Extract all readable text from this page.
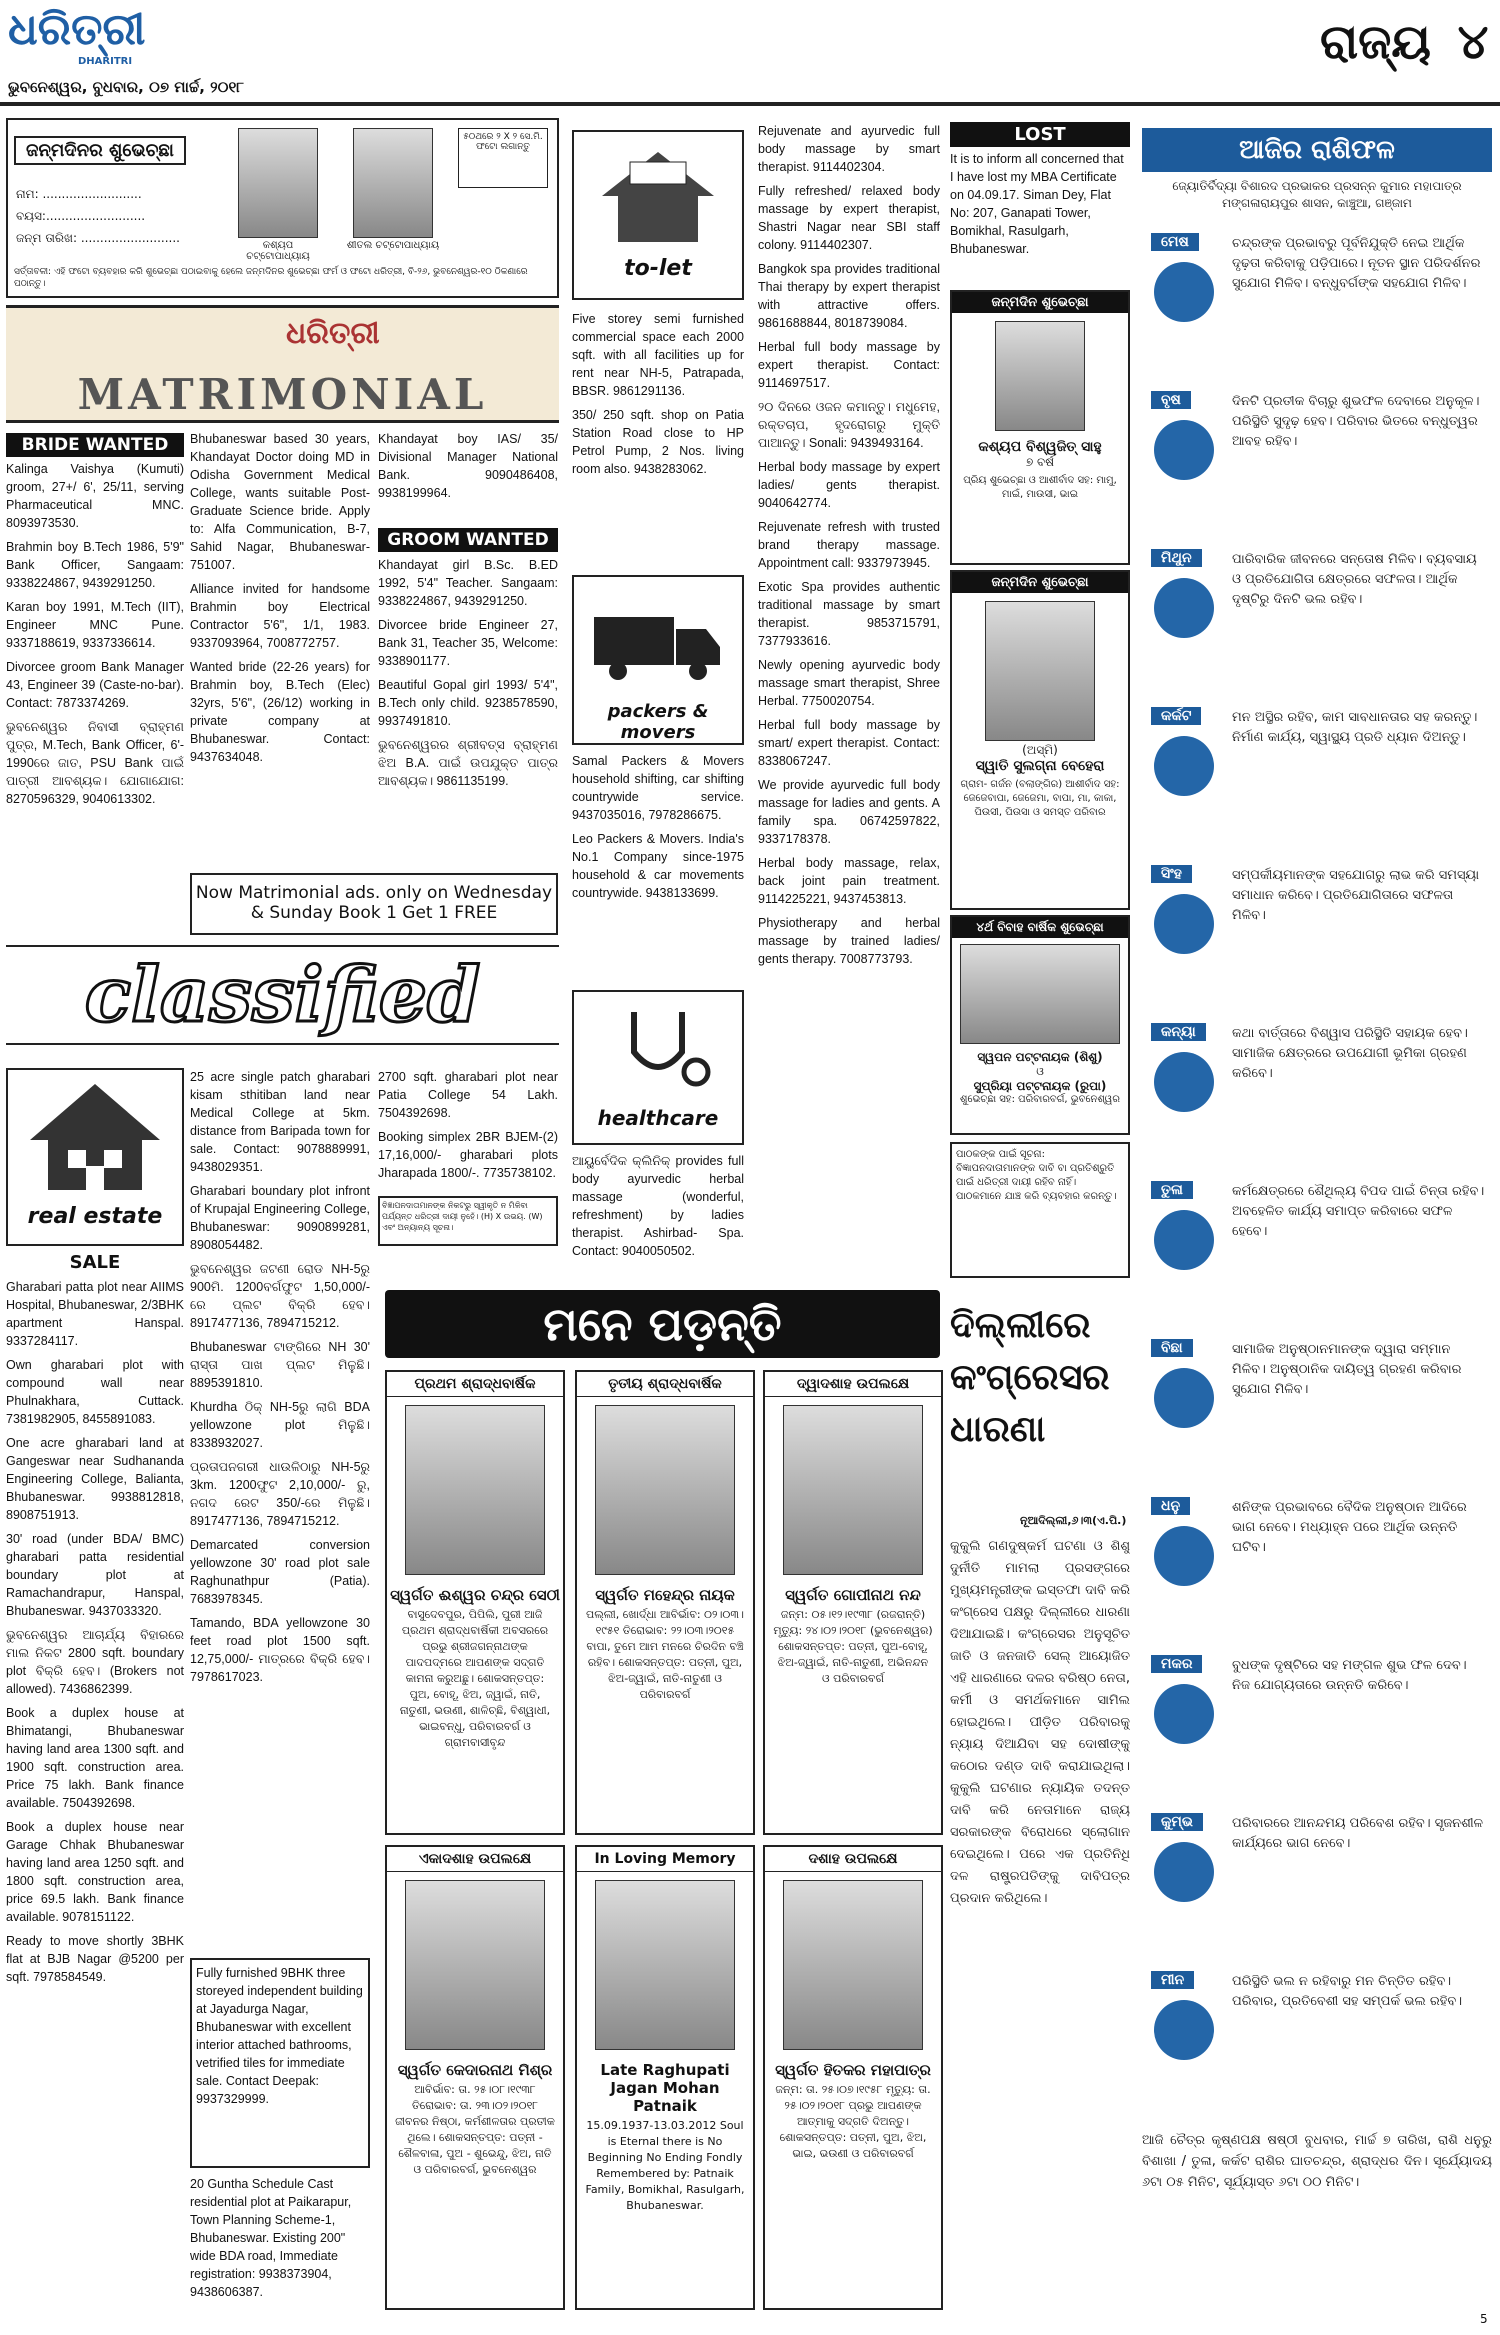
ଧରିତ୍ରୀ
DHARITRI
ଭୁବନେଶ୍ୱର, ବୁଧବାର, ୦୭ ମାର୍ଚ୍ଚ, ୨୦୧୮
ରାଜ୍ୟ ୪
ଜନ୍ମଦିନର ଶୁଭେଚ୍ଛା
ନାମ: ..........................
ବୟସ:..........................
ଜନ୍ମ ତାରିଖ: ..........................
କଶ୍ୟପ ଚଟ୍ଟୋପାଧ୍ୟାୟ
ଶୀତଲ ଚଟ୍ଟୋପାଧ୍ୟାୟ
୫୦ଥରେ ୨ X ୨ ସେ.ମି. ଫଟୋ ଲଗାନ୍ତୁ
ସର୍ତ୍ତାବଳୀ: ଏହି ଫଟୋ ବ୍ୟବହାର କରି ଶୁଭେଚ୍ଛା ପଠାଇବାକୁ ହେଲେ ଜନ୍ମଦିନର ଶୁଭେଚ୍ଛା ଫର୍ମ ଓ ଫଟୋ ଧରିତ୍ରୀ, ବି-୨୬, ଭୁବନେଶ୍ୱର-୧୦ ଠିକଣାରେ ପଠାନ୍ତୁ।
ଧରିତ୍ରୀ
MATRIMONIAL
BRIDE WANTED

Kalinga Vaishya (Kumuti) groom, 27+/ 6', 25/11, serving Pharmaceutical MNC. 8093973530.

Brahmin boy B.Tech 1986, 5'9" Bank Officer, Sangaam: 9338224867, 9439291250.

Karan boy 1991, M.Tech (IIT), Engineer MNC Pune. 9337188619, 9337336614.

Divorcee groom Bank Manager 43, Engineer 39 (Caste-no-bar). Contact: 7873374269.

ଭୁବନେଶ୍ୱର ନିବାସୀ ବ୍ରାହ୍ମଣ ପୁତ୍ର, M.Tech, Bank Officer, 6'- 1990ରେ ଜାତ, PSU Bank ପାଇଁ ପାତ୍ରୀ ଆବଶ୍ୟକ। ଯୋଗାଯୋଗ: 8270596329, 9040613302.

Bhubaneswar based 30 years, Khandayat Doctor doing MD in Odisha Government Medical College, wants suitable Post-Graduate Science bride. Apply to: Alfa Communication, B-7, Sahid Nagar, Bhubaneswar-751007.

Alliance invited for handsome Brahmin boy Electrical Contractor 5'6", 1/1, 1983. 9337093964, 7008772757.

Wanted bride (22-26 years) for Brahmin boy, B.Tech (Elec) 32yrs, 5'6", (26/12) working in private company at Bhubaneswar. Contact: 9437634048.

Khandayat boy IAS/ 35/ Divisional Manager National Bank. 9090486408, 9938199964.

GROOM WANTED

Khandayat girl B.Sc. B.ED 1992, 5'4" Teacher. Sangaam: 9338224867, 9439291250.

Divorcee bride Engineer 27, Bank 31, Teacher 35, Welcome: 9338901177.

Beautiful Gopal girl 1993/ 5'4", B.Tech only child. 9238578590, 9937491810.

ଭୁବନେଶ୍ୱରର ଶ୍ରୀବତ୍ସ ବ୍ରାହ୍ମଣ ଝିଅ B.A. ପାଇଁ ଉପଯୁକ୍ତ ପାତ୍ର ଆବଶ୍ୟକ। 9861135199.

Now Matrimonial ads. only on Wednesday & Sunday Book 1 Get 1 FREE
classified
real estate
SALE

Gharabari patta plot near AIIMS Hospital, Bhubaneswar, 2/3BHK apartment Hanspal. 9337284117.

Own gharabari plot with compound wall near Phulnakhara, Cuttack. 7381982905, 8455891083.

One acre gharabari land at Gangeswar near Sudhananda Engineering College, Balianta, Bhubaneswar. 9938812818, 8908751913.

30' road (under BDA/ BMC) gharabari patta residential boundary plot at Ramachandrapur, Hanspal, Bhubaneswar. 9437033320.

ଭୁବନେଶ୍ୱର ଆଚାର୍ଯ୍ୟ ବିହାରରେ ମାଲ ନିକଟ 2800 sqft. boundary plot ବିକ୍ରି ହେବ। (Brokers not allowed). 7436862399.

Book a duplex house at Bhimatangi, Bhubaneswar having land area 1300 sqft. and 1900 sqft. construction area. Price 75 lakh. Bank finance available. 7504392698.

Book a duplex house near Garage Chhak Bhubaneswar having land area 1250 sqft. and 1800 sqft. construction area, price 69.5 lakh. Bank finance available. 9078151122.

Ready to move shortly 3BHK flat at BJB Nagar @5200 per sqft. 7978584549.

25 acre single patch gharabari kisam sthitiban land near Medical College at 5km. distance from Baripada town for sale. Contact: 9078889991, 9438029351.

Gharabari boundary plot infront of Krupajal Engineering College, Bhubaneswar: 9090899281, 8908054482.

ଭୁବନେଶ୍ୱର ଜଟଣୀ ରୋଡ NH-5ରୁ 900ମି. 1200ବର୍ଗଫୁଟ 1,50,000/- ରେ ପ୍ଲଟ ବିକ୍ରି ହେବ। 8917477136, 7894715212.

Bhubaneswar ଟାଙ୍ଗିରେ NH 30' ରାସ୍ତା ପାଖ ପ୍ଲଟ ମିଳୁଛି। 8895391810.

Khurdha ଠିକ୍ NH-5ରୁ ଲାଗି BDA yellowzone plot ମିଳୁଛି। 8338932027.

ପ୍ରତାପନଗରୀ ଧାଉଳିଠାରୁ NH-5ରୁ 3km. 1200ଫୁଟ 2,10,000/- ରୁ, ନଗଦ ରେଟ 350/-ରେ ମିଳୁଛି। 8917477136, 7894715212.

Demarcated conversion yellowzone 30' road plot sale Raghunathpur (Patia). 7683978345.

Tamando, BDA yellowzone 30 feet road plot 1500 sqft. 12,75,000/- ମାତ୍ରରେ ବିକ୍ରି ହେବ। 7978617023.

2700 sqft. gharabari plot near Patia College 54 Lakh. 7504392698.

Booking simplex 2BR BJEM-(2) 17,16,000/- gharabari plots Jharapada 1800/-. 7735738102.

ବିଜ୍ଞାପନଦାତାମାନଙ୍କ ନିକଟରୁ ସ୍ୱୀକୃତି ନ ମିଳିବା ପର୍ଯ୍ୟନ୍ତ ଧରିତ୍ରୀ ଦାୟୀ ନୁହେଁ। (H) X ଉଭୟ. (W) ଏବଂ ଅନ୍ୟାନ୍ୟ ସୂଚନା।
to-let

Five storey semi furnished commercial space each 2000 sqft. with all facilities up for rent near NH-5, Patrapada, BBSR. 9861291136.

350/ 250 sqft. shop on Patia Station Road close to HP Petrol Pump, 2 Nos. living room also. 9438283062.

packers & movers

Samal Packers & Movers household shifting, car shifting countrywide service. 9437035016, 7978286675.

Leo Packers & Movers. India's No.1 Company since-1975 household & car movements countrywide. 9438133699.

healthcare

ଆୟୁର୍ବେଦିକ କ୍ଲିନିକ୍ provides full body ayurvedic herbal massage (wonderful, refreshment) by ladies therapist. Ashirbad- Spa. Contact: 9040050502.

Rejuvenate and ayurvedic full body massage by smart therapist. 9114402304.

Fully refreshed/ relaxed body massage by expert therapist, Shastri Nagar near SBI staff colony. 9114402307.

Bangkok spa provides traditional Thai therapy by expert therapist with attractive offers. 9861688844, 8018739084.

Herbal full body massage by expert therapist. Contact: 9114697517.

୨୦ ଦିନରେ ଓଜନ କମାନ୍ତୁ। ମଧୁମେହ, ରକ୍ତଚାପ, ହୃଦରୋଗରୁ ମୁକ୍ତି ପାଆନ୍ତୁ। Sonali: 9439493164.

Herbal body massage by expert ladies/ gents therapist. 9040642774.

Rejuvenate refresh with trusted brand therapy massage. Appointment call: 9337973945.

Exotic Spa provides authentic traditional massage by smart therapist. 9853715791, 7377933616.

Newly opening ayurvedic body massage smart therapist, Shree Herbal. 7750020754.

Herbal full body massage by smart/ expert therapist. Contact: 8338067247.

We provide ayurvedic full body massage for ladies and gents. A family spa. 06742597822, 9337178378.

Herbal body massage, relax, back joint pain treatment. 9114225221, 9437453813.

Physiotherapy and herbal massage by trained ladies/ gents therapy. 7008773793.

LOST
It is to inform all concerned that I have lost my MBA Certificate on 04.09.17. Siman Dey, Flat No: 207, Ganapati Tower, Bomikhal, Rasulgarh, Bhubaneswar.
ଜନ୍ମଦିନ ଶୁଭେଚ୍ଛା
କଶ୍ୟପ ବିଶ୍ୱଜିତ୍ ସାହୁ
୭ ବର୍ଷ
ପ୍ରିୟ ଶୁଭେଚ୍ଛା ଓ ଆଶୀର୍ବାଦ ସହ: ମାମୁ, ମାଇଁ, ମାଉସୀ, ଭାଇ
ଜନ୍ମଦିନ ଶୁଭେଚ୍ଛା
(ଅସ୍ମି)
ସ୍ୱାତି ସୁଲଗ୍ନା ବେହେରା
ଗ୍ରାମ- ଗର୍ଜନ (ବଲାଙ୍ଗିର) ଆଶୀର୍ବାଦ ସହ: ଜେଜେବାପା, ଜେଜେମା, ବାପା, ମା, କାକା, ପିଉସୀ, ପିଉସା ଓ ସମସ୍ତ ପରିବାର
୪ର୍ଥ ବିବାହ ବାର୍ଷିକ ଶୁଭେଚ୍ଛା
ସ୍ୱପନ ପଟ୍ଟନାୟକ (ଶିଶୁ)
ଓ
ସୁପ୍ରିୟା ପଟ୍ଟନାୟକ (ରୁପା)
ଶୁଭେଚ୍ଛା ସହ: ପରିବାରବର୍ଗ, ଭୁବନେଶ୍ୱର
ପାଠକଙ୍କ ପାଇଁ ସୂଚନା: ବିଜ୍ଞାପନଦାତାମାନଙ୍କ ଦାବି ବା ପ୍ରତିଶ୍ରୁତି ପାଇଁ ଧରିତ୍ରୀ ଦାୟୀ ରହିବ ନାହିଁ। ପାଠକମାନେ ଯାଞ୍ଚ କରି ବ୍ୟବହାର କରନ୍ତୁ।
ମନେ ପଡ଼ନ୍ତି
ପ୍ରଥମ ଶ୍ରାଦ୍ଧବାର୍ଷିକ
ସ୍ୱର୍ଗତ ଈଶ୍ୱର ଚନ୍ଦ୍ର ସେଠୀ
ବାସୁଦେବପୁର, ପିପିଲି, ପୁରୀ ଆଜି ପ୍ରଥମ ଶ୍ରାଦ୍ଧବାର୍ଷିକୀ ଅବସରରେ ପ୍ରଭୁ ଶ୍ରୀଜଗନ୍ନାଥଙ୍କ ପାଦପଦ୍ମରେ ଆପଣଙ୍କ ସଦ୍‌ଗତି କାମନା କରୁଅଛୁ। ଶୋକସନ୍ତପ୍ତ: ପୁଅ, ବୋହୂ, ଝିଅ, ଜ୍ୱାଇଁ, ନାତି, ନାତୁଣୀ, ଭଉଣୀ, ଶାଳିଚ୍ଛି, ବିଶ୍ୱାଧୀ, ଭାଇବନ୍ଧୁ, ପରିବାରବର୍ଗ ଓ ଗ୍ରାମବାସୀବୃନ୍ଦ
ତୃତୀୟ ଶ୍ରାଦ୍ଧବାର୍ଷିକ
ସ୍ୱର୍ଗତ ମହେନ୍ଦ୍ର ନାୟକ
ପଲ୍ଲୀ, ଖୋର୍ଦ୍ଧା ଆବିର୍ଭାବ: ୦୨।୦୩।୧୯୫୧ ତିରୋଭାବ: ୨୨।୦୩।୨୦୧୫ ବାପା, ତୁମେ ଆମ ମନରେ ଚିରଦିନ ବଞ୍ଚି ରହିବ। ଶୋକସନ୍ତପ୍ତ: ପତ୍ନୀ, ପୁଅ, ଝିଅ-ଜ୍ୱାଇଁ, ନାତି-ନାତୁଣୀ ଓ ପରିବାରବର୍ଗ
ଦ୍ୱାଦଶାହ ଉପଲକ୍ଷେ
ସ୍ୱର୍ଗତ ଗୋପୀନାଥ ନନ୍ଦ
ଜନ୍ମ: ୦୫।୧୨।୧୯୩୮ (ରଜରାନ୍ତି) ମୃତ୍ୟୁ: ୨୪।୦୨।୨୦୧୮ (ଭୁବନେଶ୍ୱର) ଶୋକସନ୍ତପ୍ତ: ପତ୍ନୀ, ପୁଅ-ବୋହୂ, ଝିଅ-ଜ୍ୱାଇଁ, ନାତି-ନାତୁଣୀ, ଅଭିନନ୍ଦନ ଓ ପରିବାରବର୍ଗ
ଏକାଦଶାହ ଉପଲକ୍ଷେ
ସ୍ୱର୍ଗତ କେଦାରନାଥ ମିଶ୍ର
ଆବିର୍ଭାବ: ତା. ୨୫।୦୮।୧୯୩୮ ତିରୋଭାବ: ତା. ୨୩।୦୨।୨୦୧୮ ଜୀବନର ନିଷ୍ଠା, କର୍ମଶୀଳତାର ପ୍ରତୀକ ଥିଲେ। ଶୋକସନ୍ତପ୍ତ: ପତ୍ନୀ - ଶୈଳବାଳା, ପୁଅ - ଶୁଭେନ୍ଦୁ, ଝିଅ, ନାତି ଓ ପରିବାରବର୍ଗ, ଭୁବନେଶ୍ୱର
In Loving Memory
Late Raghupati Jagan Mohan Patnaik
15.09.1937-13.03.2012 Soul is Eternal there is No Beginning No Ending Fondly Remembered by: Patnaik Family, Bomikhal, Rasulgarh, Bhubaneswar.
ଦଶାହ ଉପଲକ୍ଷେ
ସ୍ୱର୍ଗତ ହିତକର ମହାପାତ୍ର
ଜନ୍ମ: ତା. ୨୫।୦୭।୧୯୫୮ ମୃତ୍ୟୁ: ତା. ୨୫।୦୨।୨୦୧୮ ପ୍ରଭୁ ଆପଣଙ୍କ ଆତ୍ମାକୁ ସଦ୍‌ଗତି ଦିଅନ୍ତୁ। ଶୋକସନ୍ତପ୍ତ: ପତ୍ନୀ, ପୁଅ, ଝିଅ, ଭାଇ, ଭଉଣୀ ଓ ପରିବାରବର୍ଗ
ଦିଲ୍ଲୀରେ କଂଗ୍ରେସର ଧାରଣା
ନୂଆଦିଲ୍ଲୀ,୬।୩(ଏ.ପି.)
କୁକୁଲି ଗଣଦୁଷ୍କର୍ମ ଘଟଣା ଓ ଶିଶୁ ଦୁର୍ନୀତି ମାମଲା ପ୍ରସଙ୍ଗରେ ମୁଖ୍ୟମନ୍ତ୍ରୀଙ୍କ ଇସ୍ତଫା ଦାବି କରି କଂଗ୍ରେସ ପକ୍ଷରୁ ଦିଲ୍ଲୀରେ ଧାରଣା ଦିଆଯାଇଛି। କଂଗ୍ରେସର ଅନୁସୂଚିତ ଜାତି ଓ ଜନଜାତି ସେଲ୍ ଆୟୋଜିତ ଏହି ଧାରଣାରେ ଦଳର ବରିଷ୍ଠ ନେତା, କର୍ମୀ ଓ ସମର୍ଥକମାନେ ସାମିଲ ହୋଇଥିଲେ। ପୀଡ଼ିତ ପରିବାରକୁ ନ୍ୟାୟ ଦିଆଯିବା ସହ ଦୋଷୀଙ୍କୁ କଠୋର ଦଣ୍ଡ ଦାବି କରାଯାଇଥିଲା। କୁକୁଲି ଘଟଣାର ନ୍ୟାୟିକ ତଦନ୍ତ ଦାବି କରି ନେତାମାନେ ରାଜ୍ୟ ସରକାରଙ୍କ ବିରୋଧରେ ସ୍ଲୋଗାନ ଦେଇଥିଲେ। ପରେ ଏକ ପ୍ରତିନିଧି ଦଳ ରାଷ୍ଟ୍ରପତିଙ୍କୁ ଦାବିପତ୍ର ପ୍ରଦାନ କରିଥିଲେ।
ଆଜିର ରାଶିଫଳ
ଜ୍ୟୋତିର୍ବିଦ୍ୟା ବିଶାରଦ ପ୍ରଭାକର ପ୍ରସନ୍ନ କୁମାର ମହାପାତ୍ର ମଙ୍ଗଳାରାୟପୁର ଶାସନ, କାଞ୍ଚୁଆ, ଗଞ୍ଜାମ
ମେଷ	ଚନ୍ଦ୍ରଙ୍କ ପ୍ରଭାବରୁ ପୂର୍ବନିଯୁକ୍ତି ନେଇ ଆର୍ଥିକ ଦୃଢ଼ତା କରିବାକୁ ପଡ଼ିପାରେ। ନୂତନ ସ୍ଥାନ ପରିଦର୍ଶନର ସୁଯୋଗ ମିଳିବ। ବନ୍ଧୁବର୍ଗଙ୍କ ସହଯୋଗ ମିଳିବ।
ବୃଷ	ଦିନଟି ପ୍ରତୀକ ବିଚାରୁ ଶୁଭଫଳ ଦେବାରେ ଅନୁକୂଳ। ପରିସ୍ଥିତି ସୁଦୃଢ଼ ହେବ। ପରିବାର ଭିତରେ ବନ୍ଧୁତ୍ୱର ଆବହ ରହିବ।
ମିଥୁନ	ପାରିବାରିକ ଜୀବନରେ ସନ୍ତୋଷ ମିଳିବ। ବ୍ୟବସାୟ ଓ ପ୍ରତିଯୋଗିତା କ୍ଷେତ୍ରରେ ସଫଳତା। ଆର୍ଥିକ ଦୃଷ୍ଟିରୁ ଦିନଟି ଭଲ ରହିବ।
କର୍କଟ	ମନ ଅସ୍ଥିର ରହିବ, କାମ ସାବଧାନତାର ସହ କରନ୍ତୁ। ନିର୍ମାଣ କାର୍ଯ୍ୟ, ସ୍ୱାସ୍ଥ୍ୟ ପ୍ରତି ଧ୍ୟାନ ଦିଅନ୍ତୁ।
ସିଂହ	ସମ୍ପର୍କୀୟମାନଙ୍କ ସହଯୋଗରୁ ଲାଭ କରି ସମସ୍ୟା ସମାଧାନ କରିବେ। ପ୍ରତିଯୋଗିତାରେ ସଫଳତା ମିଳିବ।
କନ୍ୟା	କଥା ବାର୍ତ୍ତାରେ ବିଶ୍ୱାସ ପରିସ୍ଥିତି ସହାୟକ ହେବ। ସାମାଜିକ କ୍ଷେତ୍ରରେ ଉପଯୋଗୀ ଭୂମିକା ଗ୍ରହଣ କରିବେ।
ତୁଳା	କର୍ମକ୍ଷେତ୍ରରେ ଶୈଥିଲ୍ୟ ବିପଦ ପାଇଁ ଚିନ୍ତା ରହିବ। ଅବହେଳିତ କାର୍ଯ୍ୟ ସମାପ୍ତ କରିବାରେ ସଫଳ ହେବେ।
ବିଛା	ସାମାଜିକ ଅନୁଷ୍ଠାନମାନଙ୍କ ଦ୍ୱାରା ସମ୍ମାନ ମିଳିବ। ଅନୁଷ୍ଠାନିକ ଦାୟିତ୍ୱ ଗ୍ରହଣ କରିବାର ସୁଯୋଗ ମିଳିବ।
ଧନୁ	ଶନିଙ୍କ ପ୍ରଭାବରେ ବୈଦିକ ଅନୁଷ୍ଠାନ ଆଦିରେ ଭାଗ ନେବେ। ମଧ୍ୟାହ୍ନ ପରେ ଆର୍ଥିକ ଉନ୍ନତି ଘଟିବ।
ମକର	ବୁଧଙ୍କ ଦୃଷ୍ଟିରେ ସହ ମଙ୍ଗଳ ଶୁଭ ଫଳ ଦେବ। ନିଜ ଯୋଗ୍ୟତାରେ ଉନ୍ନତି କରିବେ।
କୁମ୍ଭ	ପରିବାରରେ ଆନନ୍ଦମୟ ପରିବେଶ ରହିବ। ସୃଜନଶୀଳ କାର୍ଯ୍ୟରେ ଭାଗ ନେବେ।
ମୀନ	ପରିସ୍ଥିତି ଭଲ ନ ରହିବାରୁ ମନ ଚିନ୍ତିତ ରହିବ। ପରିବାର, ପ୍ରତିବେଶୀ ସହ ସମ୍ପର୍କ ଭଲ ରହିବ।
ଆଜି ଚୈତ୍ର କୃଷ୍ଣପକ୍ଷ ଷଷ୍ଠୀ ବୁଧବାର, ମାର୍ଚ୍ଚ ୭ ତାରିଖ, ରାଶି ଧନୁରୁ ବିଶାଖା / ତୁଳା, କର୍କଟ ରାଶିର ଘାତଚନ୍ଦ୍ର, ଶ୍ରାଦ୍ଧର ଦିନ। ସୂର୍ଯ୍ୟୋଦୟ ୬ଟା ୦୫ ମିନିଟ, ସୂର୍ଯ୍ୟାସ୍ତ ୬ଟା ୦୦ ମିନିଟ।
5
Fully furnished 9BHK three storeyed independent building at Jayadurga Nagar, Bhubaneswar with excellent interior attached bathrooms, vetrified tiles for immediate sale. Contact Deepak: 9937329999.
20 Guntha Schedule Cast residential plot at Paikarapur, Town Planning Scheme-1, Bhubaneswar. Existing 200" wide BDA road, Immediate registration: 9938373904, 9438606387.
